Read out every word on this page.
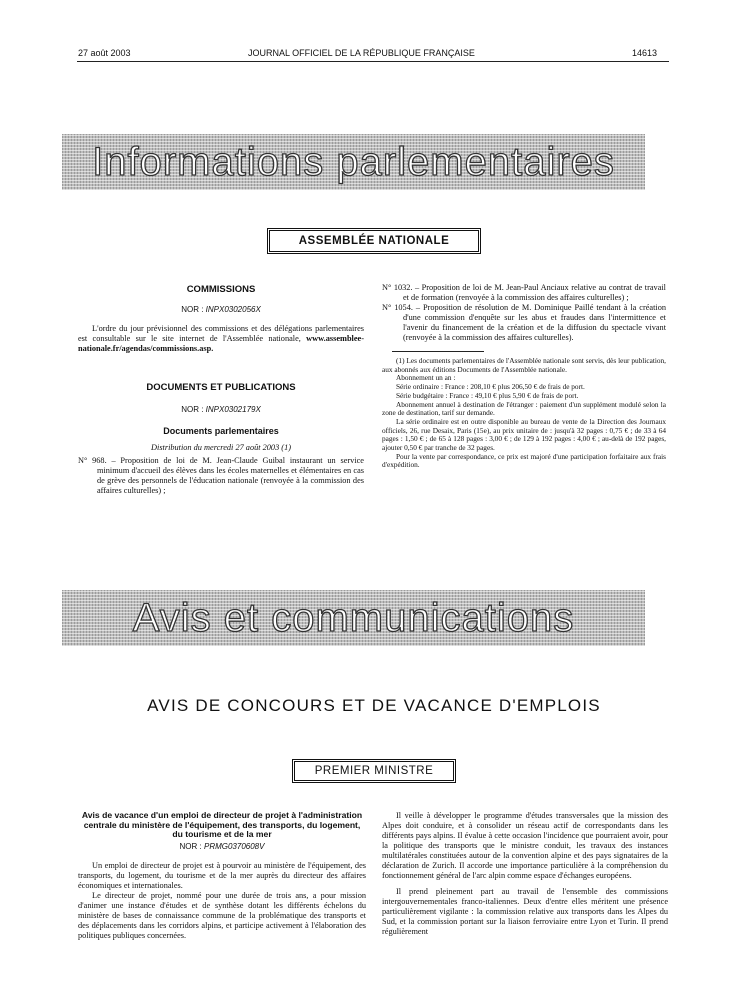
27 août 2003	JOURNAL OFFICIEL DE LA RÉPUBLIQUE FRANÇAISE	14613
Informations parlementaires
ASSEMBLÉE NATIONALE
COMMISSIONS
NOR : INPX0302056X
L'ordre du jour prévisionnel des commissions et des délégations parlementaires est consultable sur le site internet de l'Assemblée nationale, www.assemblee-nationale.fr/agendas/commissions.asp.
DOCUMENTS ET PUBLICATIONS
NOR : INPX0302179X
Documents parlementaires
Distribution du mercredi 27 août 2003 (1)
N° 968. – Proposition de loi de M. Jean-Claude Guibal instaurant un service minimum d'accueil des élèves dans les écoles maternelles et élémentaires en cas de grève des personnels de l'éducation nationale (renvoyée à la commission des affaires culturelles) ;
N° 1032. – Proposition de loi de M. Jean-Paul Anciaux relative au contrat de travail et de formation (renvoyée à la commission des affaires culturelles) ;
N° 1054. – Proposition de résolution de M. Dominique Paillé tendant à la création d'une commission d'enquête sur les abus et fraudes dans l'intermittence et l'avenir du financement de la création et de la diffusion du spectacle vivant (renvoyée à la commission des affaires culturelles).

(1) Les documents parlementaires de l'Assemblée nationale sont servis, dès leur publication, aux abonnés aux éditions Documents de l'Assemblée nationale.

Abonnement un an :

Série ordinaire : France : 208,10 € plus 206,50 € de frais de port.

Série budgétaire : France : 49,10 € plus 5,90 € de frais de port.

Abonnement annuel à destination de l'étranger : paiement d'un supplément modulé selon la zone de destination, tarif sur demande.

La série ordinaire est en outre disponible au bureau de vente de la Direction des Journaux officiels, 26, rue Desaix, Paris (15e), au prix unitaire de : jusqu'à 32 pages : 0,75 € ; de 33 à 64 pages : 1,50 € ; de 65 à 128 pages : 3,00 € ; de 129 à 192 pages : 4,00 € ; au-delà de 192 pages, ajouter 0,50 € par tranche de 32 pages.

Pour la vente par correspondance, ce prix est majoré d'une participation forfaitaire aux frais d'expédition.

Avis et communications
AVIS DE CONCOURS ET DE VACANCE D'EMPLOIS
PREMIER MINISTRE
Avis de vacance d'un emploi de directeur de projet à l'administration centrale du ministère de l'équipement, des transports, du logement, du tourisme et de la mer
NOR : PRMG0370608V

Un emploi de directeur de projet est à pourvoir au ministère de l'équipement, des transports, du logement, du tourisme et de la mer auprès du directeur des affaires économiques et internationales.

Le directeur de projet, nommé pour une durée de trois ans, a pour mission d'animer une instance d'études et de synthèse dotant les différents échelons du ministère de bases de connaissance commune de la problématique des transports et des déplacements dans les corridors alpins, et participe activement à l'élaboration des politiques publiques concernées.

Il veille à développer le programme d'études transversales que la mission des Alpes doit conduire, et à consolider un réseau actif de correspondants dans les différents pays alpins. Il évalue à cette occasion l'incidence que pourraient avoir, pour la politique des transports que le ministre conduit, les travaux des instances multilatérales constituées autour de la convention alpine et des pays signataires de la déclaration de Zurich. Il accorde une importance particulière à la compréhension du fonctionnement général de l'arc alpin comme espace d'échanges européens.

Il prend pleinement part au travail de l'ensemble des commissions intergouvernementales franco-italiennes. Deux d'entre elles méritent une présence particulièrement vigilante : la commission relative aux transports dans les Alpes du Sud, et la commission portant sur la liaison ferroviaire entre Lyon et Turin. Il prend régulièrement
